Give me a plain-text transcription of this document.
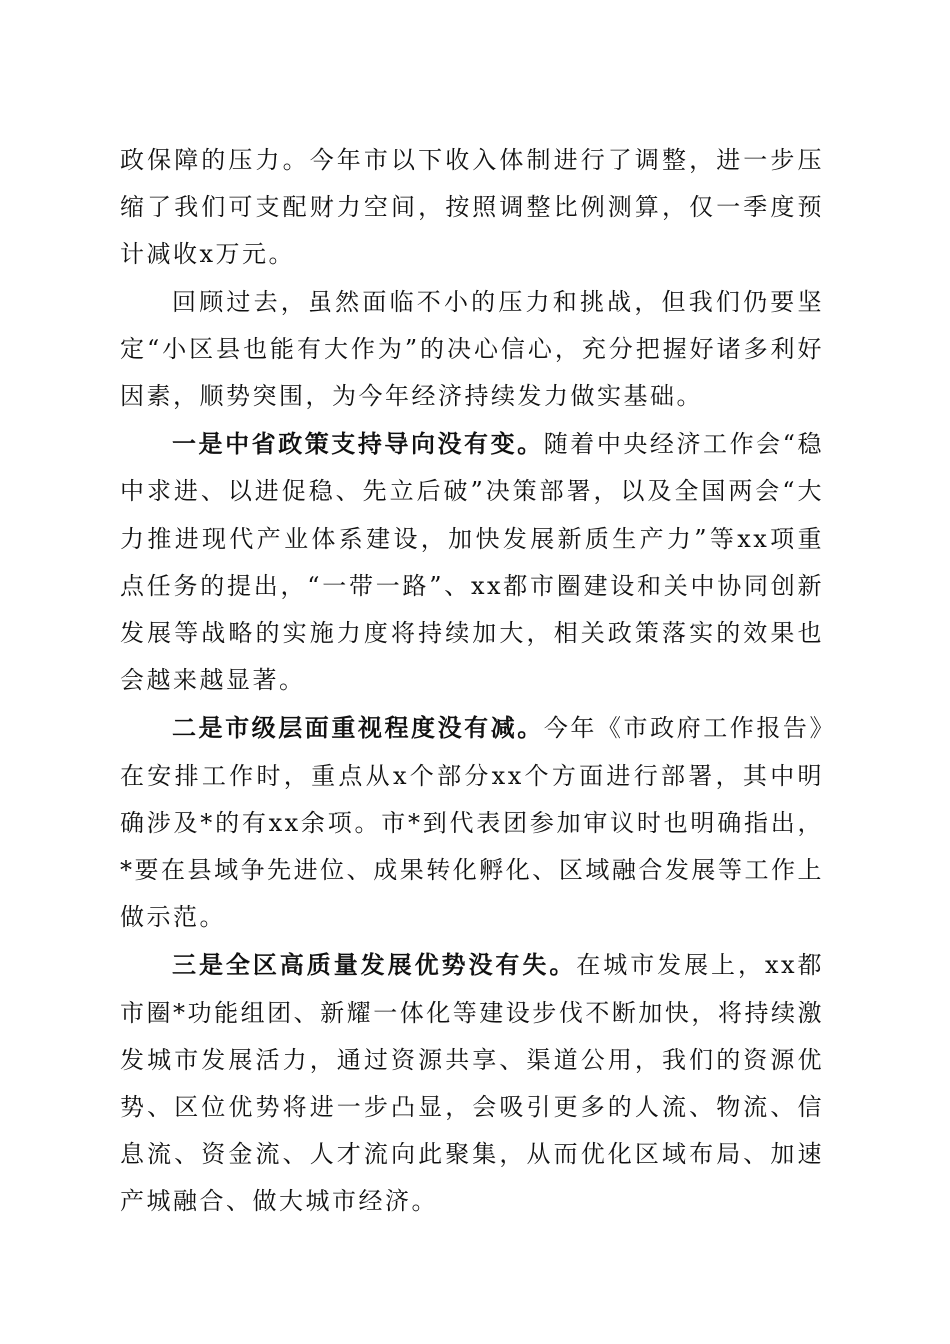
政保障的压力。今年市以下收入体制进行了调整，进一步压缩了我们可支配财力空间，按照调整比例测算，仅一季度预计减收x万元。

回顾过去，虽然面临不小的压力和挑战，但我们仍要坚定“小区县也能有大作为”的决心信心，充分把握好诸多利好因素，顺势突围，为今年经济持续发力做实基础。

一是中省政策支持导向没有变。随着中央经济工作会“稳中求进、以进促稳、先立后破”决策部署，以及全国两会“大力推进现代产业体系建设，加快发展新质生产力”等xx项重点任务的提出，“一带一路”、xx都市圈建设和关中协同创新发展等战略的实施力度将持续加大，相关政策落实的效果也会越来越显著。

二是市级层面重视程度没有减。今年《市政府工作报告》在安排工作时，重点从x个部分xx个方面进行部署，其中明确涉及*的有xx余项。市*到代表团参加审议时也明确指出，*要在县域争先进位、成果转化孵化、区域融合发展等工作上做示范。

三是全区高质量发展优势没有失。在城市发展上，xx都市圈*功能组团、新耀一体化等建设步伐不断加快，将持续激发城市发展活力，通过资源共享、渠道公用，我们的资源优势、区位优势将进一步凸显，会吸引更多的人流、物流、信息流、资金流、人才流向此聚集，从而优化区域布局、加速产城融合、做大城市经济。
